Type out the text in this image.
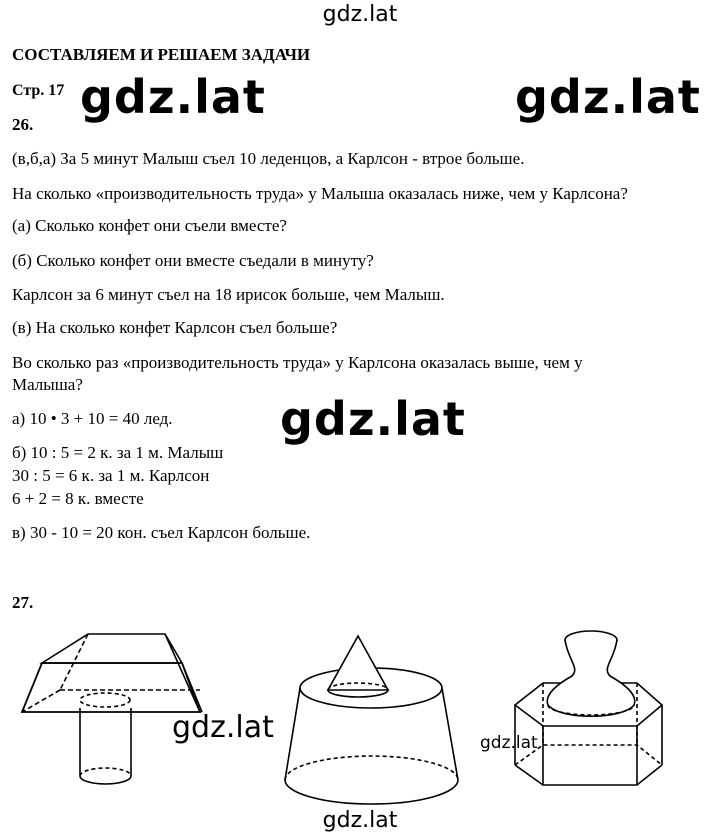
gdz.lat
gdz.lat	gdz.lat
gdz.lat
СОСТАВЛЯЕМ И РЕШАЕМ ЗАДАЧИ
Стр. 17
26.
(в,б,а) За 5 минут Малыш съел 10 леденцов, а Карлсон - втрое больше.
На сколько «производительность труда» у Малыша оказалась ниже, чем у Карлсона?
(а) Сколько конфет они съели вместе?
(б) Сколько конфет они вместе съедали в минуту?
Карлсон за 6 минут съел на 18 ирисок больше, чем Малыш.
(в) На сколько конфет Карлсон съел больше?
Во сколько раз «производительность труда» у Карлсона оказалась выше, чем у
Малыша?
а) 10 • 3 + 10 = 40 лед.
б) 10 : 5 = 2 к. за 1 м. Малыш
30 : 5 = 6 к. за 1 м. Карлсон
6 + 2 = 8 к. вместе
в) 30 - 10 = 20 кон. съел Карлсон больше.
27.
gdz.lat	gdz.lat
gdz.lat
